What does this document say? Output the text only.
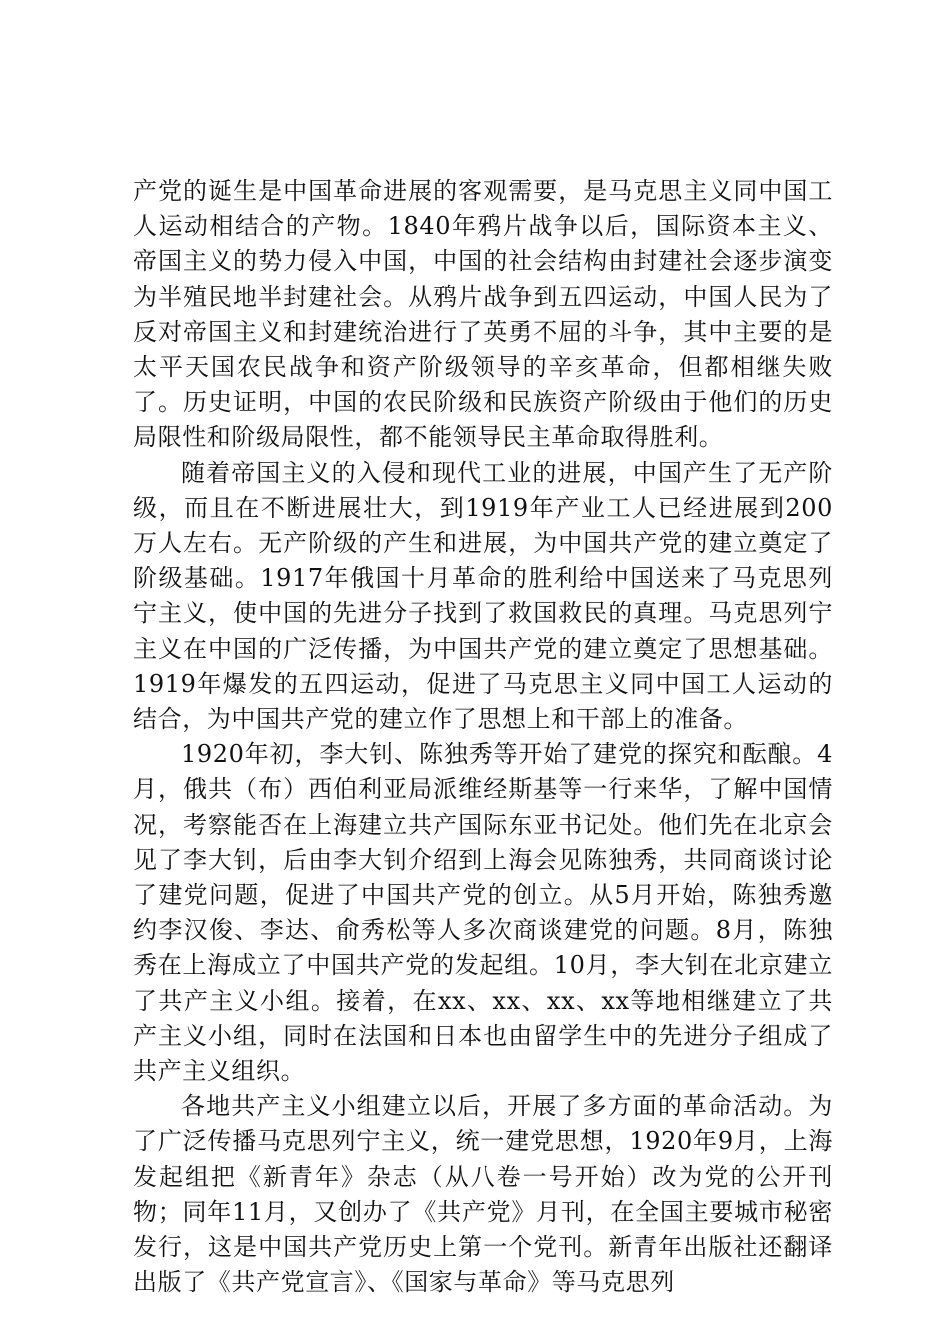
产党的诞生是中国革命进展的客观需要，是马克思主义同中国工人运动相结合的产物。1840年鸦片战争以后，国际资本主义、帝国主义的势力侵入中国，中国的社会结构由封建社会逐步演变为半殖民地半封建社会。从鸦片战争到五四运动，中国人民为了反对帝国主义和封建统治进行了英勇不屈的斗争，其中主要的是太平天国农民战争和资产阶级领导的辛亥革命，但都相继失败了。历史证明，中国的农民阶级和民族资产阶级由于他们的历史局限性和阶级局限性，都不能领导民主革命取得胜利。

随着帝国主义的入侵和现代工业的进展，中国产生了无产阶级，而且在不断进展壮大，到1919年产业工人已经进展到200万人左右。无产阶级的产生和进展，为中国共产党的建立奠定了阶级基础。1917年俄国十月革命的胜利给中国送来了马克思列宁主义，使中国的先进分子找到了救国救民的真理。马克思列宁主义在中国的广泛传播，为中国共产党的建立奠定了思想基础。1919年爆发的五四运动，促进了马克思主义同中国工人运动的结合，为中国共产党的建立作了思想上和干部上的准备。

1920年初，李大钊、陈独秀等开始了建党的探究和酝酿。4月，俄共（布）西伯利亚局派维经斯基等一行来华，了解中国情况，考察能否在上海建立共产国际东亚书记处。他们先在北京会见了李大钊，后由李大钊介绍到上海会见陈独秀，共同商谈讨论了建党问题，促进了中国共产党的创立。从5月开始，陈独秀邀约李汉俊、李达、俞秀松等人多次商谈建党的问题。8月，陈独秀在上海成立了中国共产党的发起组。10月，李大钊在北京建立了共产主义小组。接着，在xx、xx、xx、xx等地相继建立了共产主义小组，同时在法国和日本也由留学生中的先进分子组成了共产主义组织。

各地共产主义小组建立以后，开展了多方面的革命活动。为了广泛传播马克思列宁主义，统一建党思想，1920年9月，上海发起组把《新青年》杂志（从八卷一号开始）改为党的公开刊物；同年11月，又创办了《共产党》月刊，在全国主要城市秘密发行，这是中国共产党历史上第一个党刊。新青年出版社还翻译出版了《共产党宣言》、《国家与革命》等马克思列
